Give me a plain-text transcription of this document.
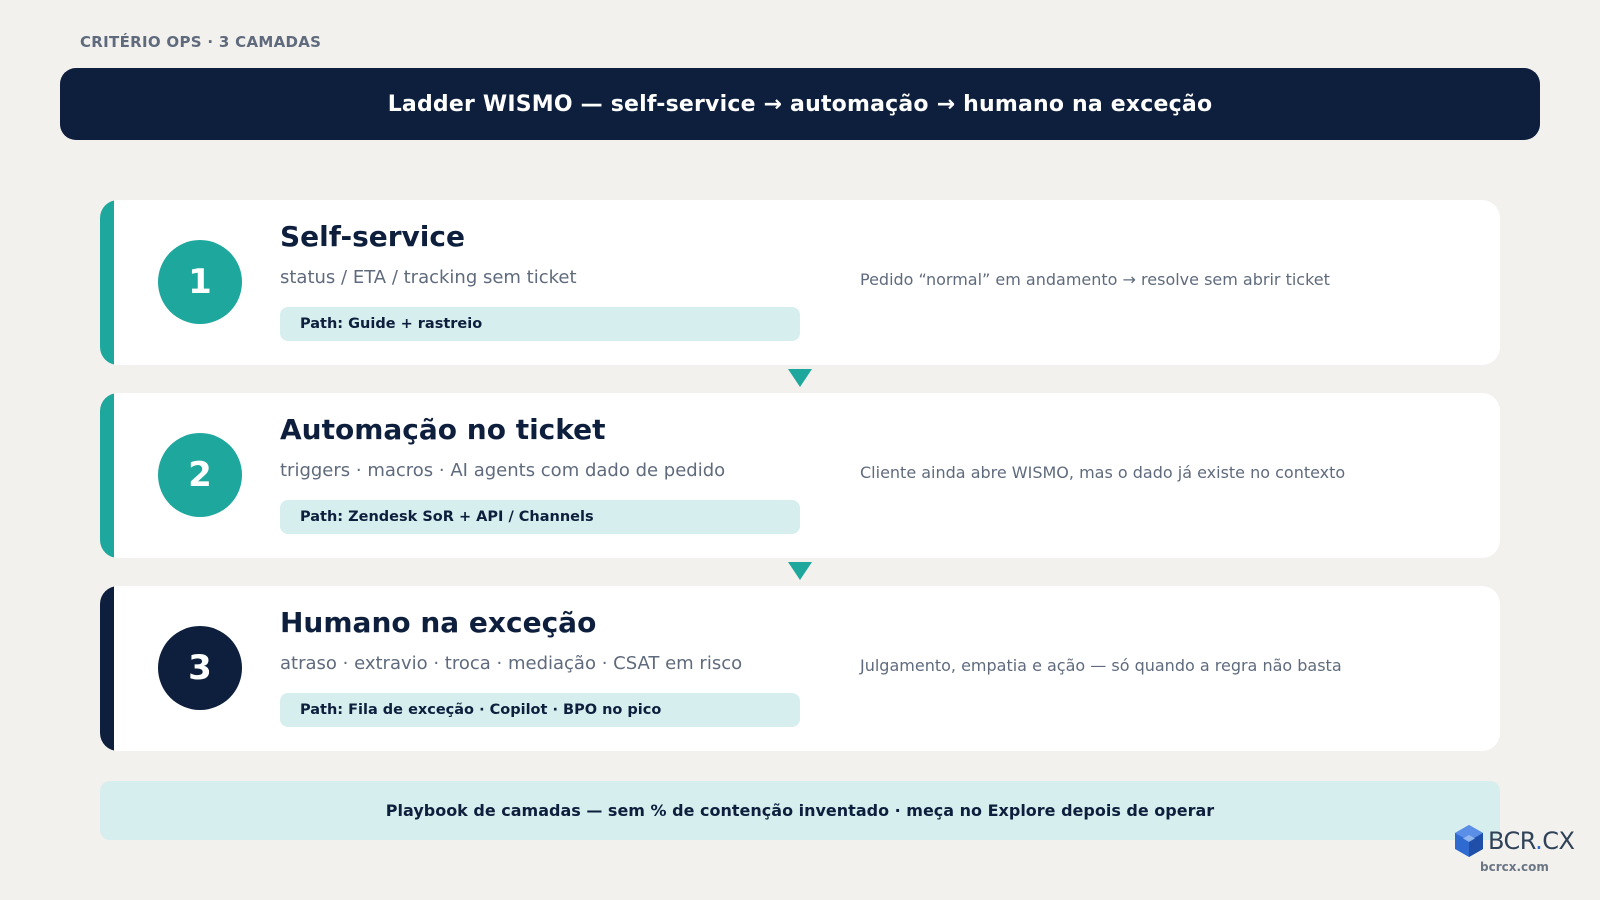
CRITÉRIO OPS · 3 CAMADAS
Ladder WISMO — self-service → automação → humano na exceção
1
Self-service
status / ETA / tracking sem ticket
Path: Guide + rastreio
Pedido “normal” em andamento → resolve sem abrir ticket
2
Automação no ticket
triggers · macros · AI agents com dado de pedido
Path: Zendesk SoR + API / Channels
Cliente ainda abre WISMO, mas o dado já existe no contexto
3
Humano na exceção
atraso · extravio · troca · mediação · CSAT em risco
Path: Fila de exceção · Copilot · BPO no pico
Julgamento, empatia e ação — só quando a regra não basta
Playbook de camadas — sem % de contenção inventado · meça no Explore depois de operar
BCR.CX
bcrcx.com
